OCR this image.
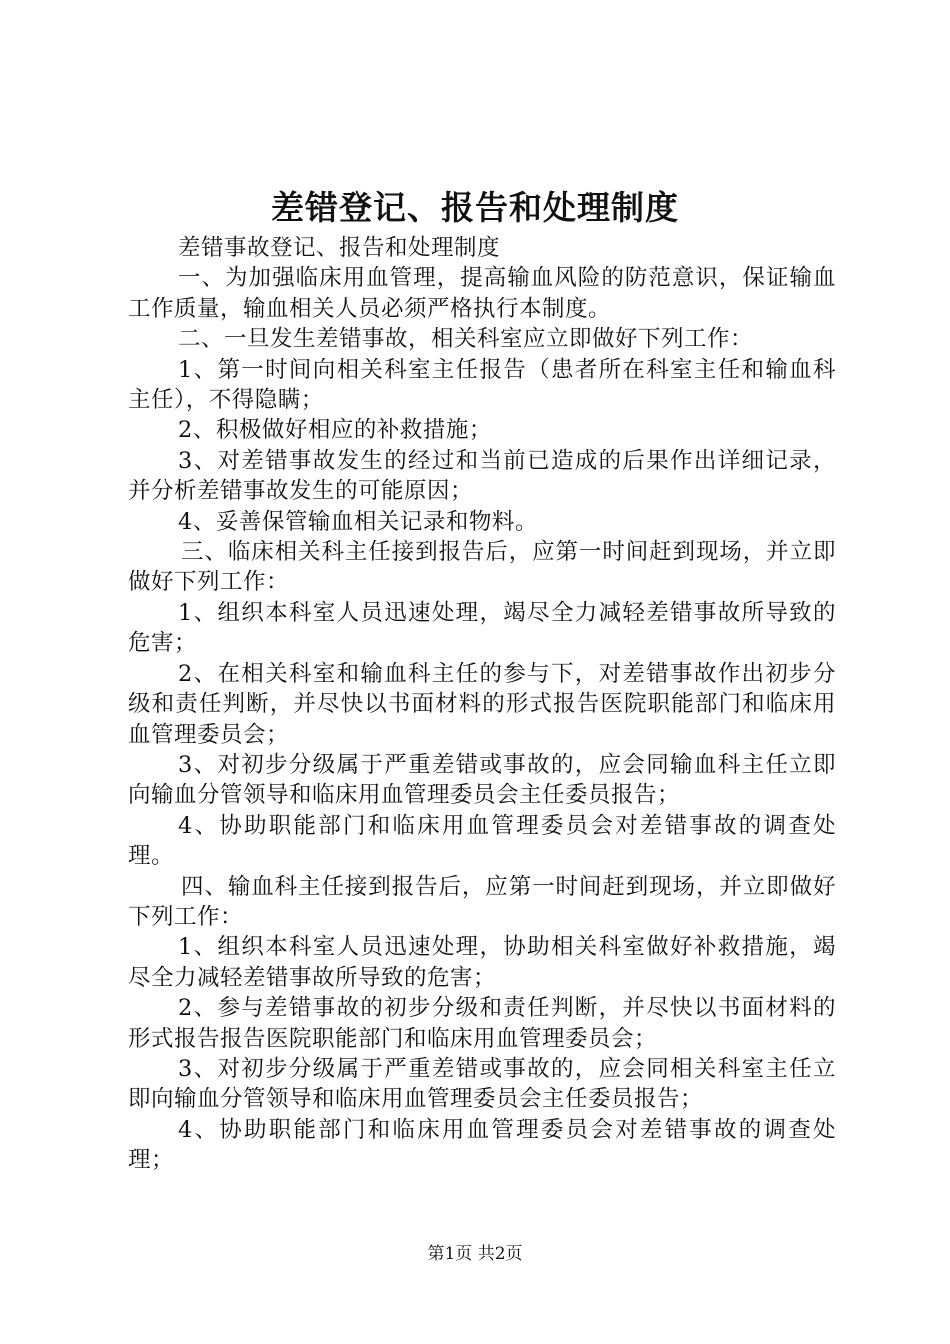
差错登记、报告和处理制度

差错事故登记、报告和处理制度

一、为加强临床用血管理，提高输血风险的防范意识，保证输血工作质量，输血相关人员必须严格执行本制度。

二、一旦发生差错事故，相关科室应立即做好下列工作：

1、第一时间向相关科室主任报告（患者所在科室主任和输血科主任），不得隐瞒；

2、积极做好相应的补救措施；

3、对差错事故发生的经过和当前已造成的后果作出详细记录，并分析差错事故发生的可能原因；

4、妥善保管输血相关记录和物料。

三、临床相关科主任接到报告后，应第一时间赶到现场，并立即做好下列工作：

1、组织本科室人员迅速处理，竭尽全力减轻差错事故所导致的危害；

2、在相关科室和输血科主任的参与下，对差错事故作出初步分级和责任判断，并尽快以书面材料的形式报告医院职能部门和临床用血管理委员会；

3、对初步分级属于严重差错或事故的，应会同输血科主任立即向输血分管领导和临床用血管理委员会主任委员报告；

4、协助职能部门和临床用血管理委员会对差错事故的调查处理。

四、输血科主任接到报告后，应第一时间赶到现场，并立即做好下列工作：

1、组织本科室人员迅速处理，协助相关科室做好补救措施，竭尽全力减轻差错事故所导致的危害；

2、参与差错事故的初步分级和责任判断，并尽快以书面材料的形式报告报告医院职能部门和临床用血管理委员会；

3、对初步分级属于严重差错或事故的，应会同相关科室主任立即向输血分管领导和临床用血管理委员会主任委员报告；

4、协助职能部门和临床用血管理委员会对差错事故的调查处理；

第1页 共2页
